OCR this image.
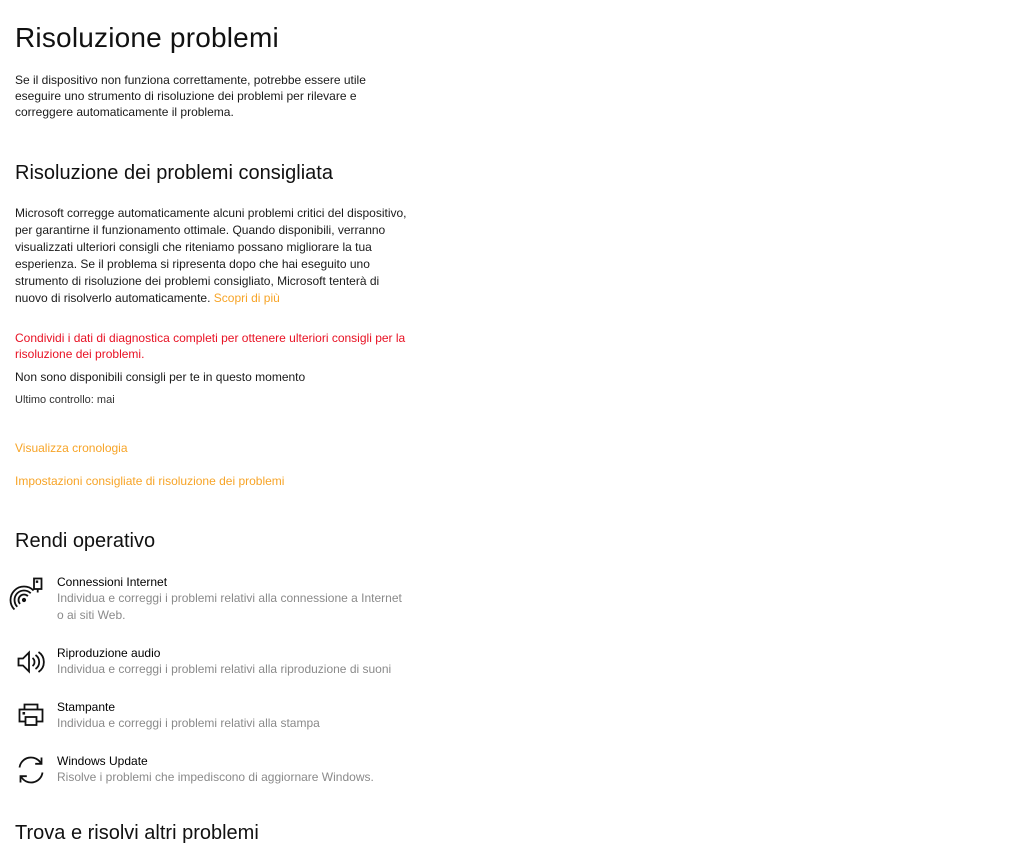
Risoluzione problemi

Se il dispositivo non funziona correttamente, potrebbe essere utile eseguire uno strumento di risoluzione dei problemi per rilevare e correggere automaticamente il problema.

Risoluzione dei problemi consigliata

Microsoft corregge automaticamente alcuni problemi critici del dispositivo, per garantirne il funzionamento ottimale. Quando disponibili, verranno visualizzati ulteriori consigli che riteniamo possano migliorare la tua esperienza. Se il problema si ripresenta dopo che hai eseguito uno strumento di risoluzione dei problemi consigliato, Microsoft tenterà di nuovo di risolverlo automaticamente. Scopri di più

Condividi i dati di diagnostica completi per ottenere ulteriori consigli per la risoluzione dei problemi.

Non sono disponibili consigli per te in questo momento

Ultimo controllo: mai

Visualizza cronologia
Impostazioni consigliate di risoluzione dei problemi
Rendi operativo
Connessioni Internet
Individua e correggi i problemi relativi alla connessione a Internet o ai siti Web.
Riproduzione audio
Individua e correggi i problemi relativi alla riproduzione di suoni
Stampante
Individua e correggi i problemi relativi alla stampa
Windows Update
Risolve i problemi che impediscono di aggiornare Windows.
Trova e risolvi altri problemi
